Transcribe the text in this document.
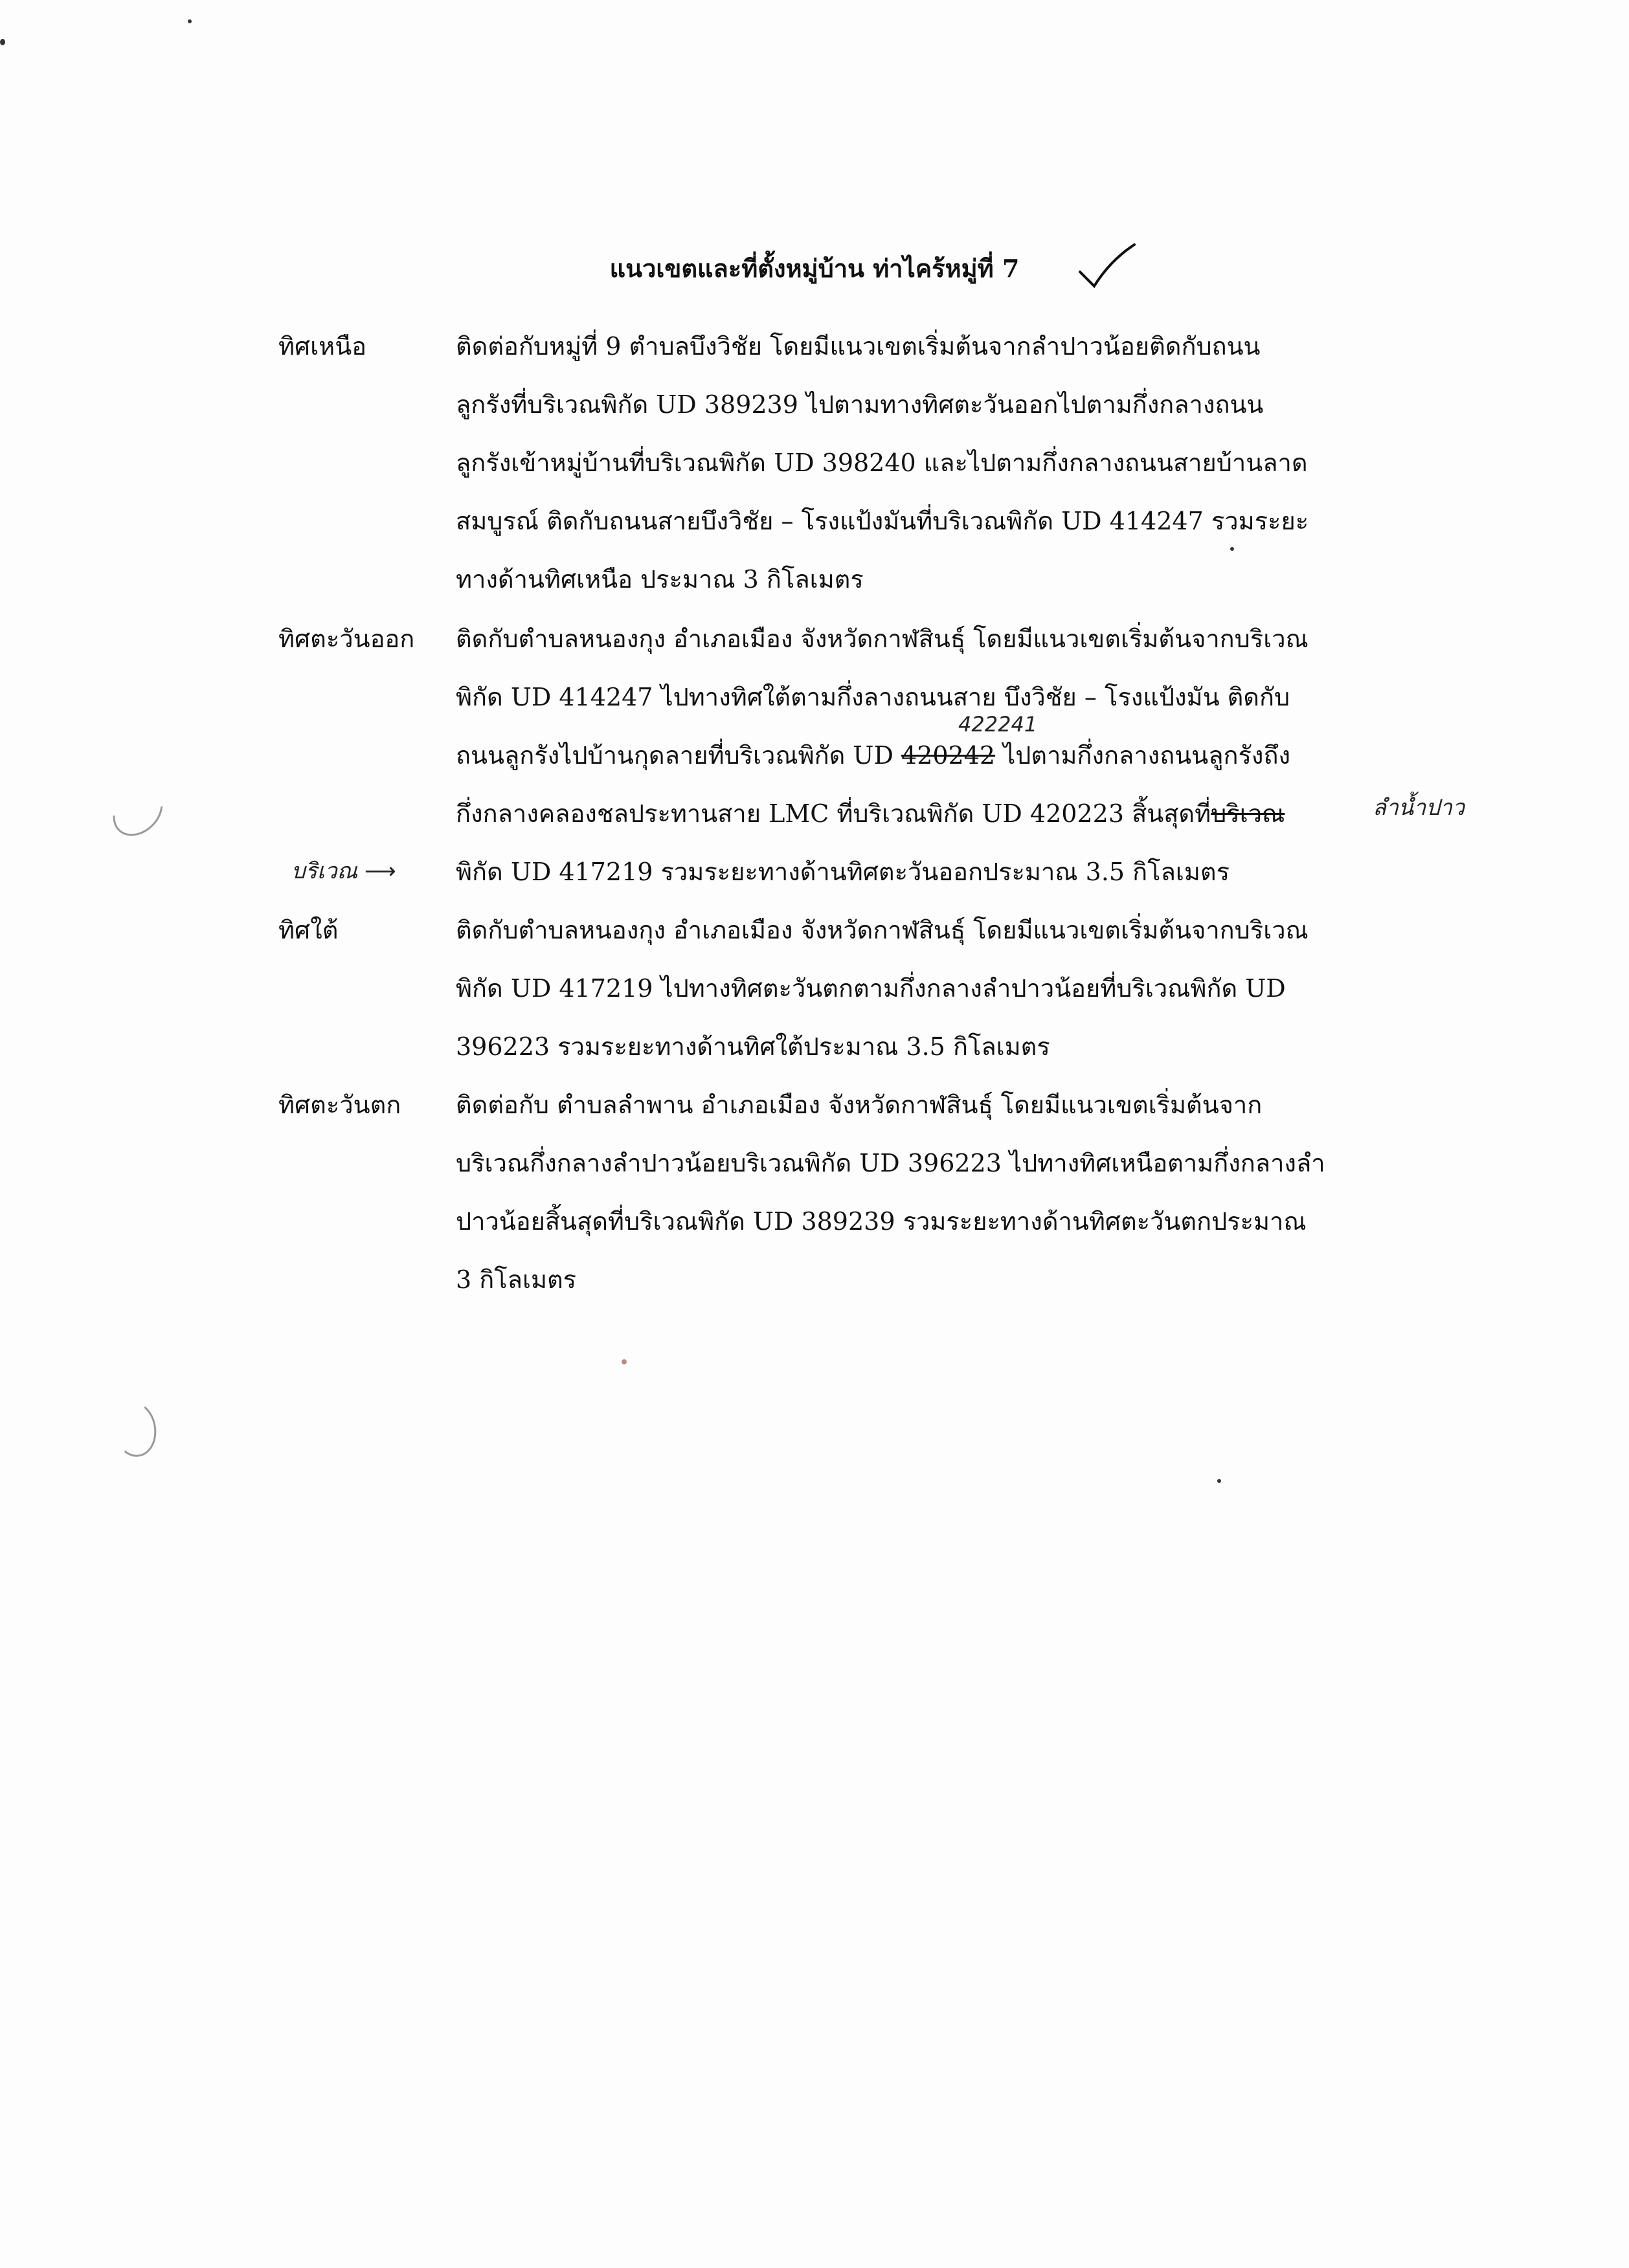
แนวเขตและที่ตั้งหมู่บ้าน ท่าไคร้หมู่ที่ 7
ทิศเหนือ	ติดต่อกับหมู่ที่ 9 ตำบลบึงวิชัย โดยมีแนวเขตเริ่มต้นจากลำปาวน้อยติดกับถนน
ลูกรังที่บริเวณพิกัด UD 389239 ไปตามทางทิศตะวันออกไปตามกึ่งกลางถนน
ลูกรังเข้าหมู่บ้านที่บริเวณพิกัด UD 398240 และไปตามกึ่งกลางถนนสายบ้านลาด
สมบูรณ์ ติดกับถนนสายบึงวิชัย – โรงแป้งมันที่บริเวณพิกัด UD 414247 รวมระยะ
ทางด้านทิศเหนือ ประมาณ 3 กิโลเมตร
ทิศตะวันออก	ติดกับตำบลหนองกุง อำเภอเมือง จังหวัดกาฬสินธุ์ โดยมีแนวเขตเริ่มต้นจากบริเวณ
พิกัด UD 414247 ไปทางทิศใต้ตามกึ่งลางถนนสาย บึงวิชัย – โรงแป้งมัน ติดกับ
ถนนลูกรังไปบ้านกุดลายที่บริเวณพิกัด UD 420242 ไปตามกึ่งกลางถนนลูกรังถึง
กึ่งกลางคลองชลประทานสาย LMC ที่บริเวณพิกัด UD 420223 สิ้นสุดที่บริเวณ
พิกัด UD 417219 รวมระยะทางด้านทิศตะวันออกประมาณ 3.5 กิโลเมตร
422241
ลำน้ำปาว
บริเวณ ⟶
ทิศใต้	ติดกับตำบลหนองกุง อำเภอเมือง จังหวัดกาฬสินธุ์ โดยมีแนวเขตเริ่มต้นจากบริเวณ
พิกัด UD 417219 ไปทางทิศตะวันตกตามกึ่งกลางลำปาวน้อยที่บริเวณพิกัด UD
396223 รวมระยะทางด้านทิศใต้ประมาณ 3.5 กิโลเมตร
ทิศตะวันตก	ติดต่อกับ ตำบลลำพาน อำเภอเมือง จังหวัดกาฬสินธุ์ โดยมีแนวเขตเริ่มต้นจาก
บริเวณกึ่งกลางลำปาวน้อยบริเวณพิกัด UD 396223 ไปทางทิศเหนือตามกึ่งกลางลำ
ปาวน้อยสิ้นสุดที่บริเวณพิกัด UD 389239 รวมระยะทางด้านทิศตะวันตกประมาณ
3 กิโลเมตร
